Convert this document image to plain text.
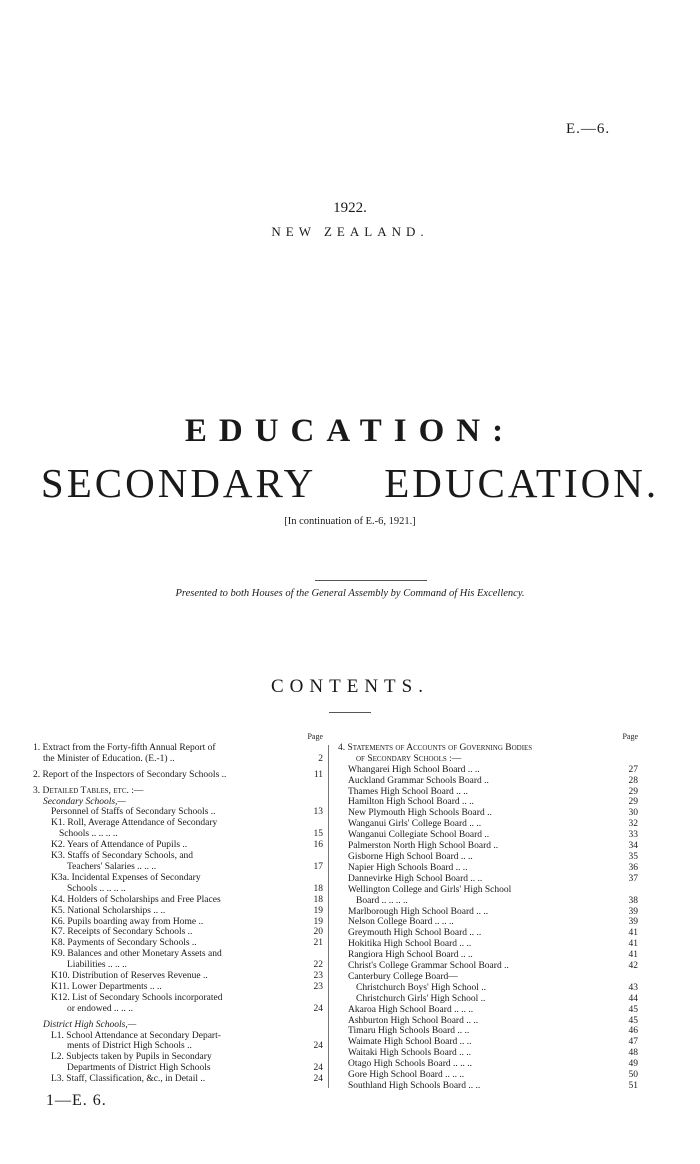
E.—6.
1922.
NEW ZEALAND.
EDUCATION:
SECONDARY EDUCATION.
[In continuation of E.-6, 1921.]
Presented to both Houses of the General Assembly by Command of His Excellency.
CONTENTS.
Page
1. Extract from the Forty-fifth Annual Report of
the Minister of Education. (E.-1) ..	2
2. Report of the Inspectors of Secondary Schools ..	11
3. Detailed Tables, etc. :—
Secondary Schools,—
Personnel of Staffs of Secondary Schools ..	13
K1. Roll, Average Attendance of Secondary
Schools .. .. .. ..	15
K2. Years of Attendance of Pupils ..	16
K3. Staffs of Secondary Schools, and
Teachers' Salaries .. .. ..	17
K3a. Incidental Expenses of Secondary
Schools .. .. .. ..	18
K4. Holders of Scholarships and Free Places	18
K5. National Scholarships .. ..	19
K6. Pupils boarding away from Home ..	19
K7. Receipts of Secondary Schools ..	20
K8. Payments of Secondary Schools ..	21
K9. Balances and other Monetary Assets and
Liabilities .. .. ..	22
K10. Distribution of Reserves Revenue ..	23
K11. Lower Departments .. ..	23
K12. List of Secondary Schools incorporated
or endowed .. .. ..	24
District High Schools,—
L1. School Attendance at Secondary Depart-
ments of District High Schools ..	24
L2. Subjects taken by Pupils in Secondary
Departments of District High Schools	24
L3. Staff, Classification, &c., in Detail ..	24
Page
4. Statements of Accounts of Governing Bodies
of Secondary Schools :—
Whangarei High School Board .. ..	27
Auckland Grammar Schools Board ..	28
Thames High School Board .. ..	29
Hamilton High School Board .. ..	29
New Plymouth High Schools Board ..	30
Wanganui Girls' College Board .. ..	32
Wanganui Collegiate School Board ..	33
Palmerston North High School Board ..	34
Gisborne High School Board .. ..	35
Napier High Schools Board .. ..	36
Dannevirke High School Board .. ..	37
Wellington College and Girls' High School
Board .. .. .. ..	38
Marlborough High School Board .. ..	39
Nelson College Board .. .. ..	39
Greymouth High School Board .. ..	41
Hokitika High School Board .. ..	41
Rangiora High School Board .. ..	41
Christ's College Grammar School Board ..	42
Canterbury College Board—
Christchurch Boys' High School ..	43
Christchurch Girls' High School ..	44
Akaroa High School Board .. .. ..	45
Ashburton High School Board .. ..	45
Timaru High Schools Board .. ..	46
Waimate High School Board .. ..	47
Waitaki High Schools Board .. ..	48
Otago High Schools Board .. .. ..	49
Gore High School Board .. .. ..	50
Southland High Schools Board .. ..	51
1—E. 6.
